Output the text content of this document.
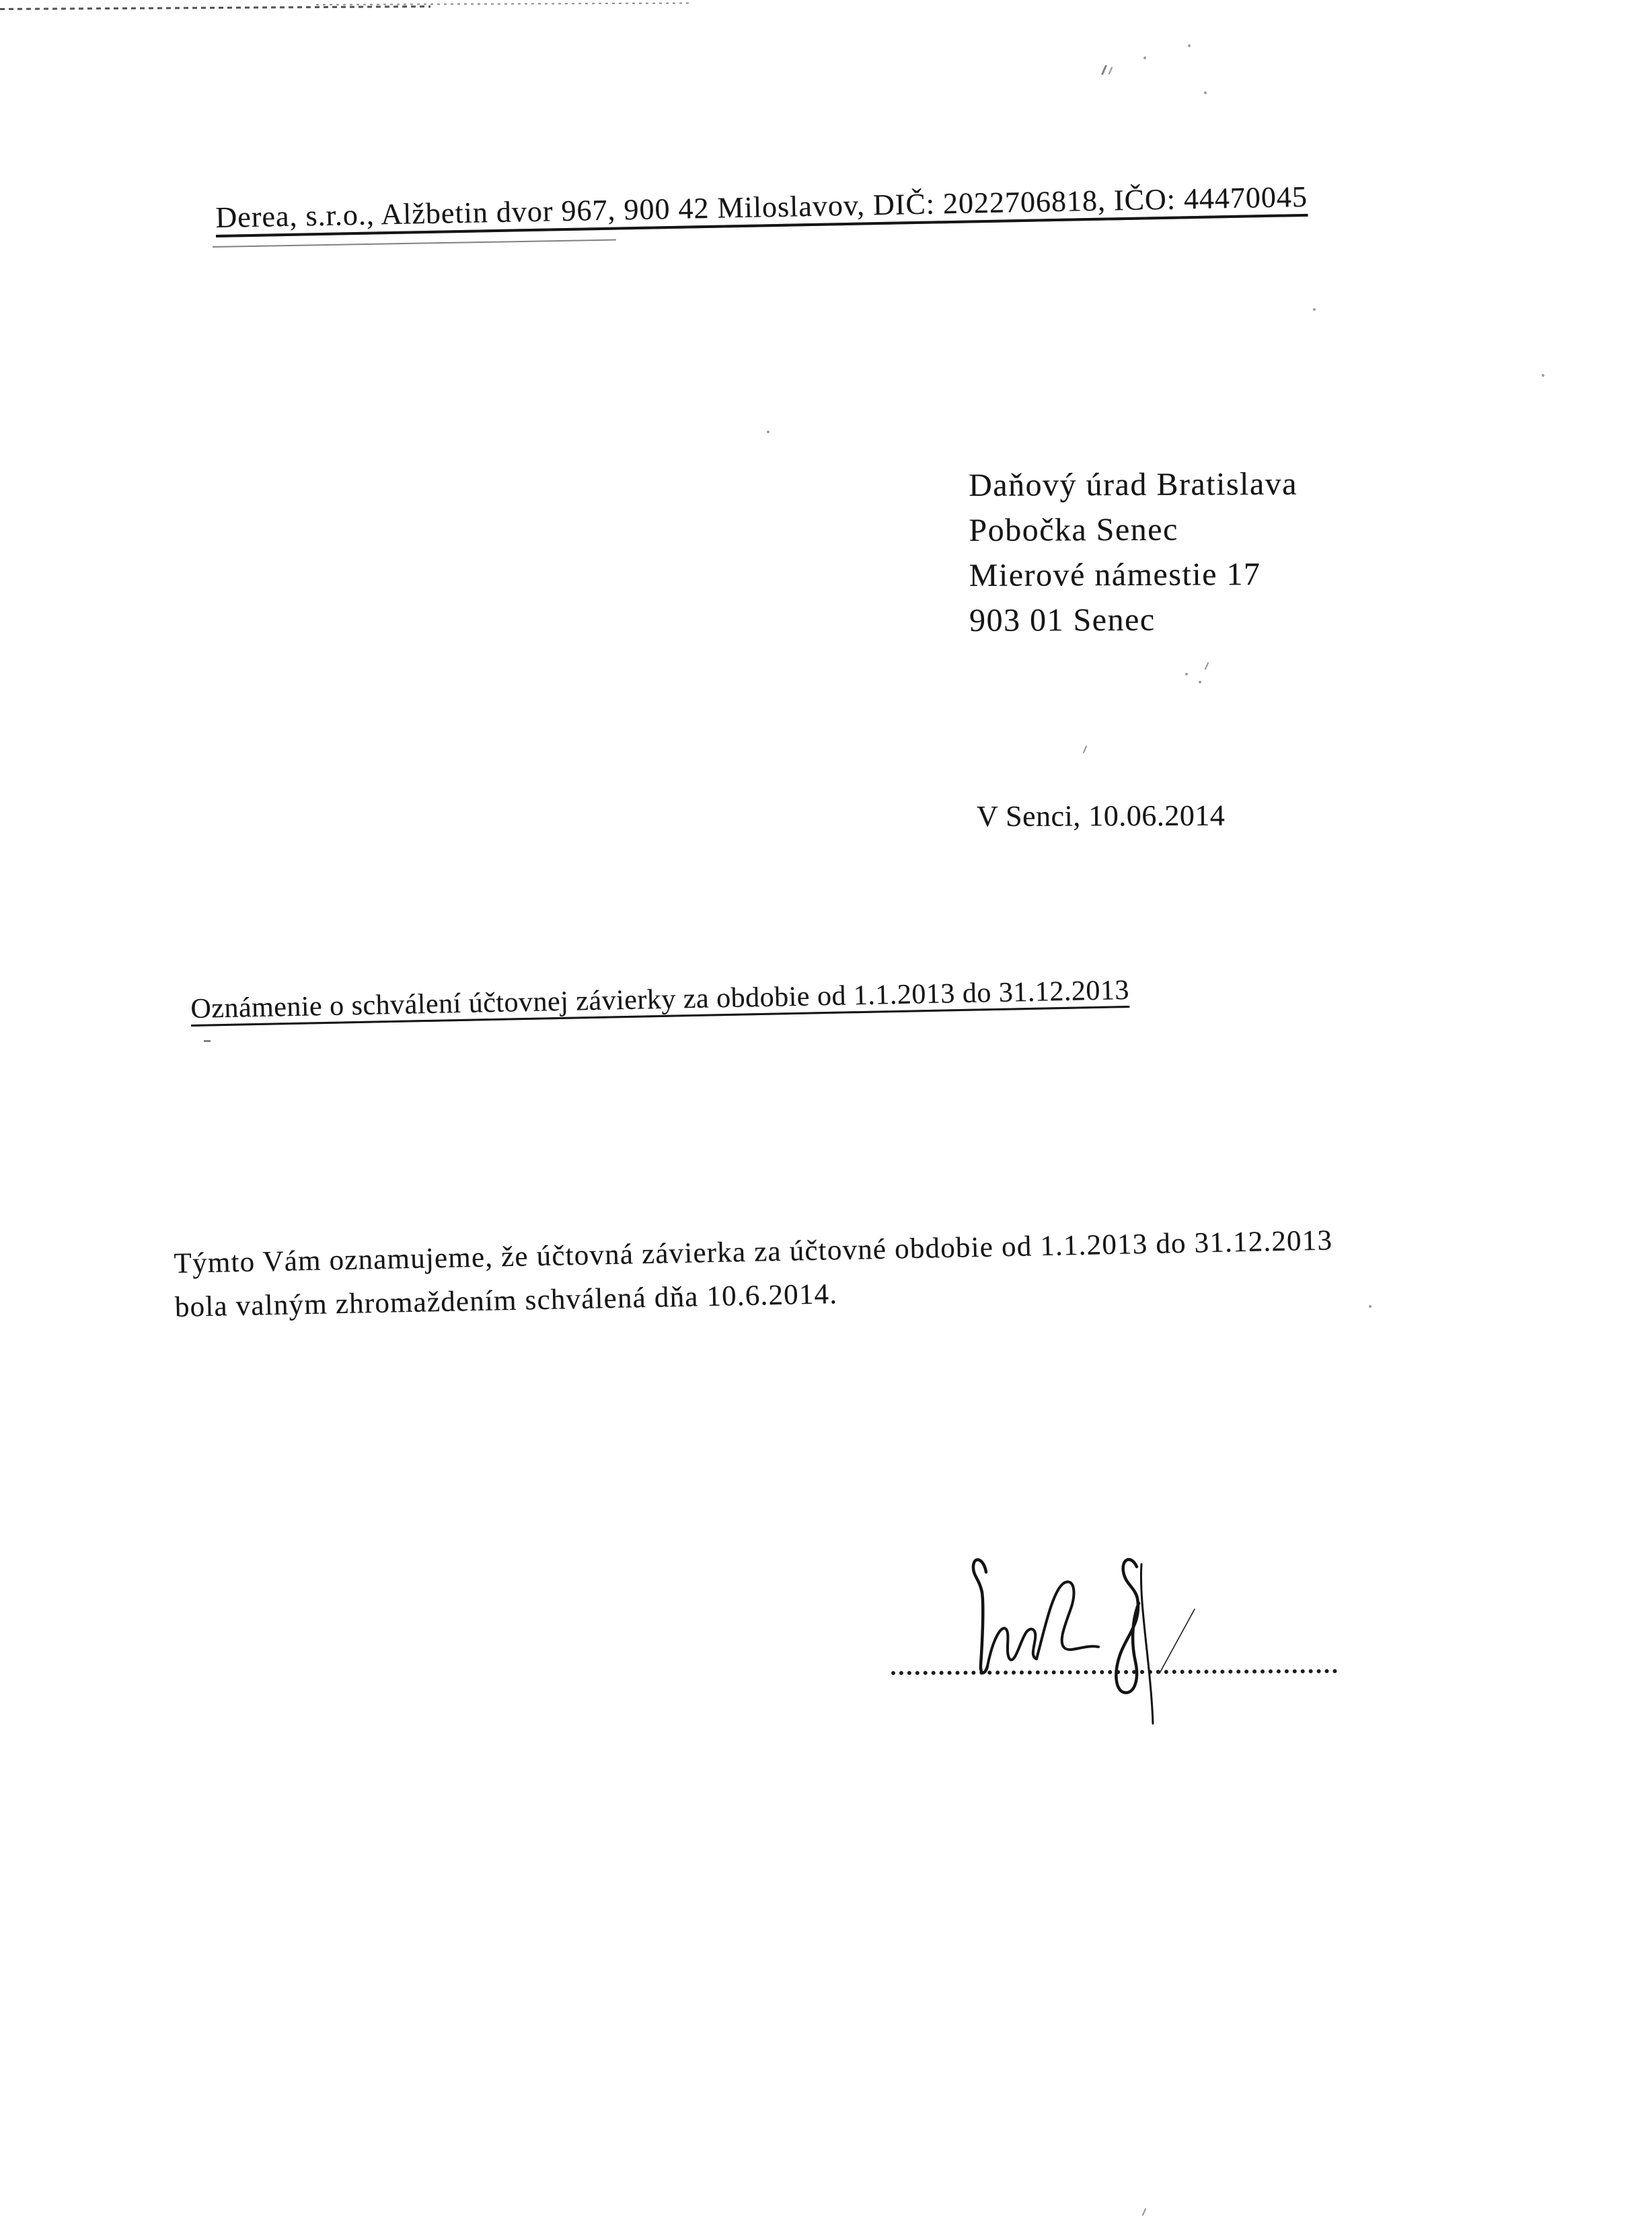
Derea, s.r.o., Alžbetin dvor 967, 900 42 Miloslavov, DIČ: 2022706818, IČO: 44470045
Daňový úrad Bratislava
Pobočka Senec
Mierové námestie 17
903 01 Senec
V Senci, 10.06.2014
Oznámenie o schválení účtovnej závierky za obdobie od 1.1.2013 do 31.12.2013
Týmto Vám oznamujeme, že účtovná závierka za účtovné obdobie od 1.1.2013 do 31.12.2013
bola valným zhromaždením schválená dňa 10.6.2014.
